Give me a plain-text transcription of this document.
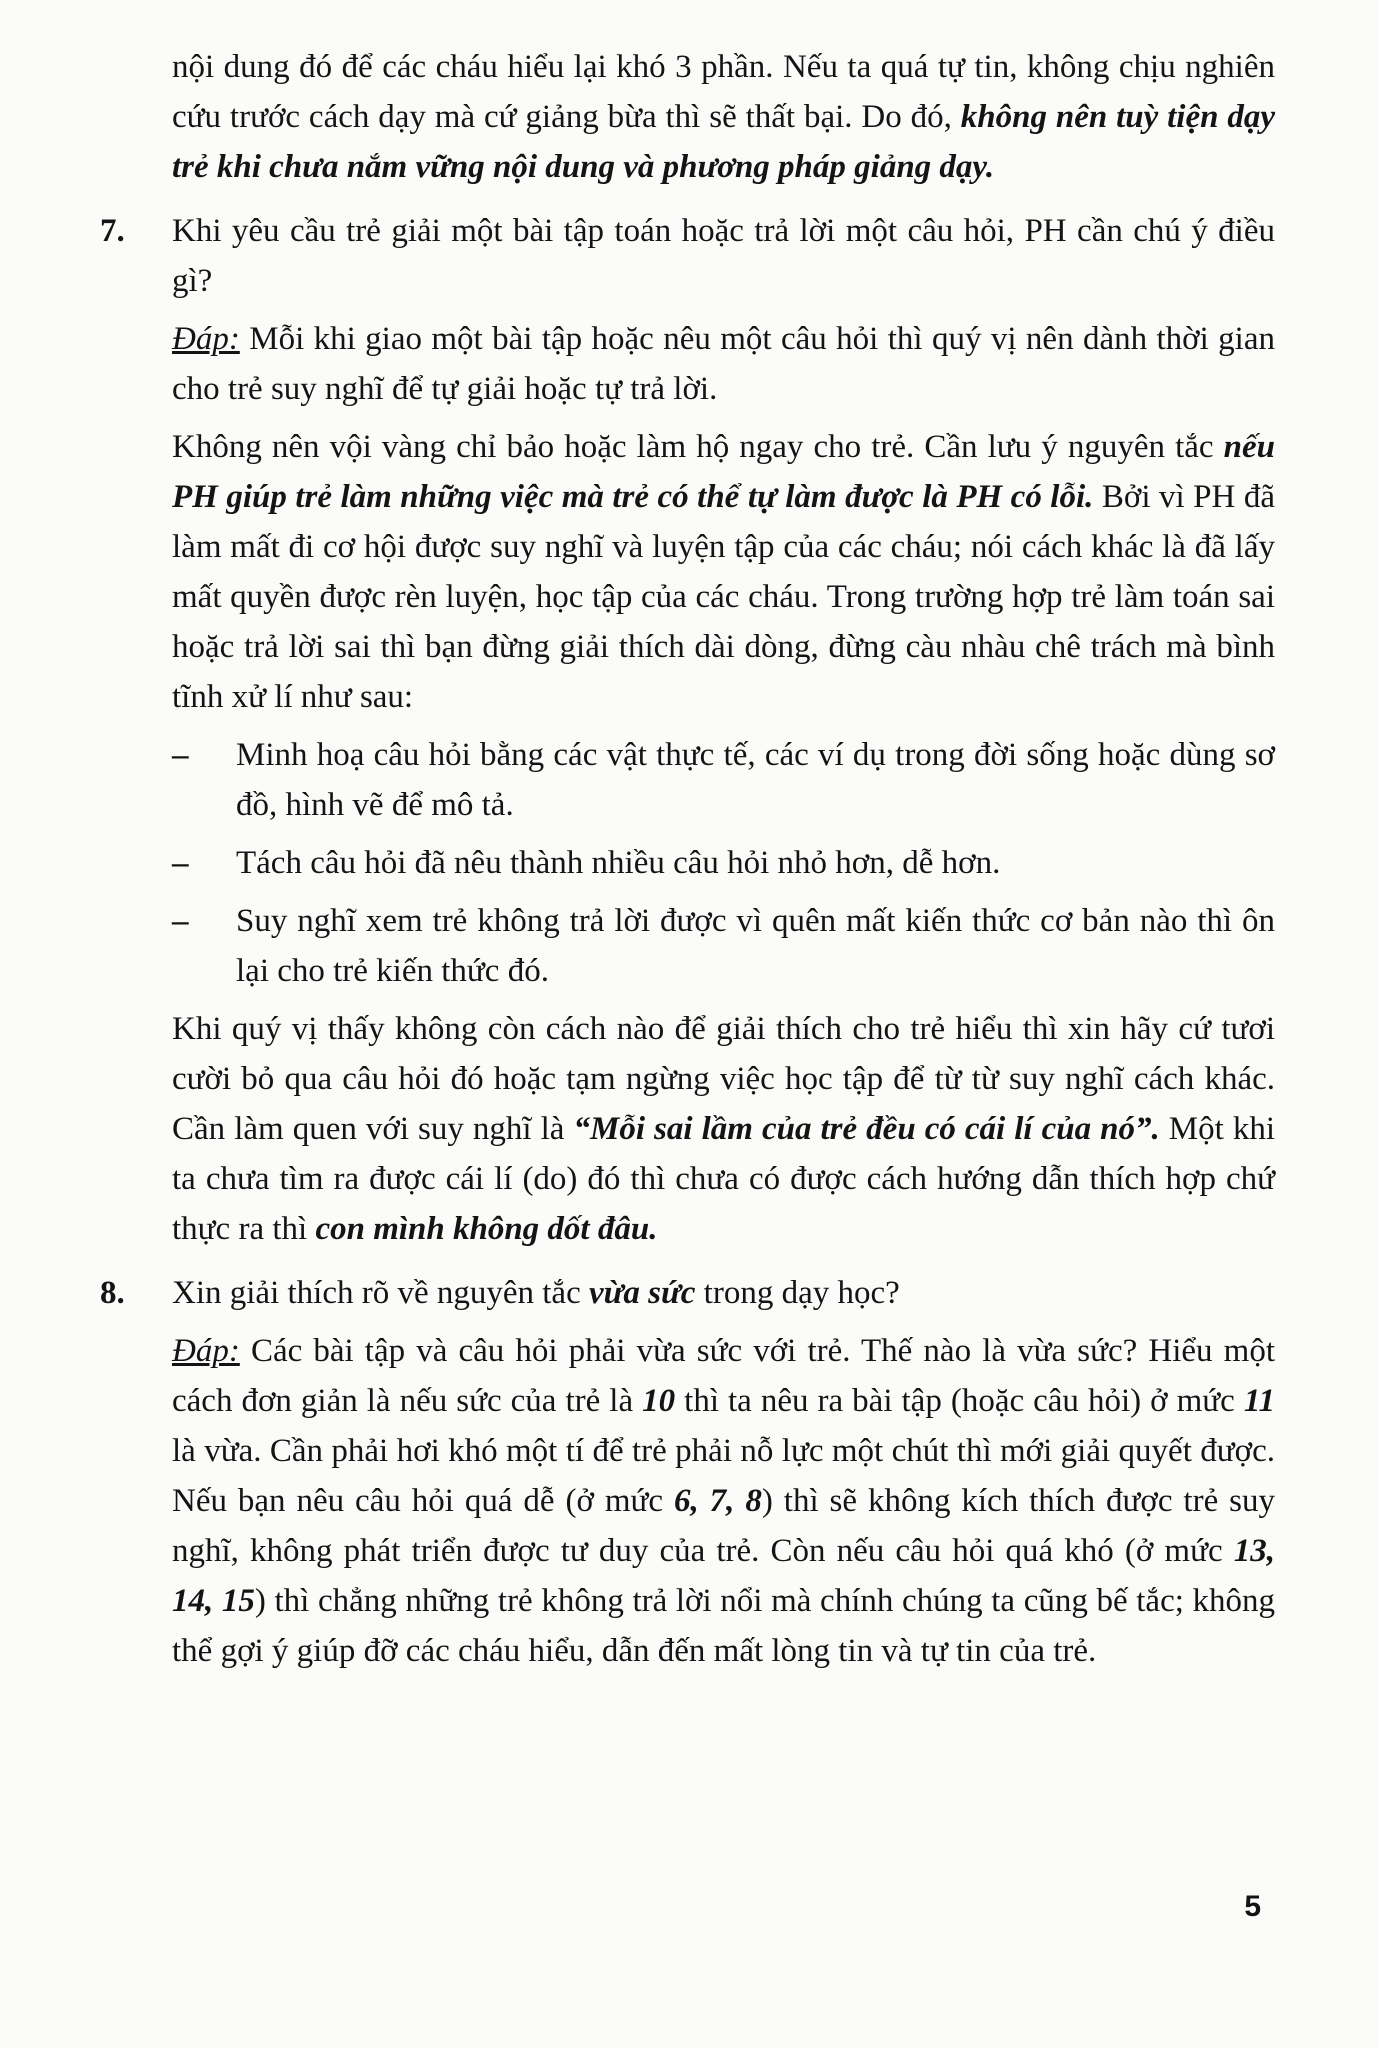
nội dung đó để các cháu hiểu lại khó 3 phần. Nếu ta quá tự tin, không chịu nghiên cứu trước cách dạy mà cứ giảng bừa thì sẽ thất bại. Do đó, không nên tuỳ tiện dạy trẻ khi chưa nắm vững nội dung và phương pháp giảng dạy.

7. Khi yêu cầu trẻ giải một bài tập toán hoặc trả lời một câu hỏi, PH cần chú ý điều gì?

Đáp: Mỗi khi giao một bài tập hoặc nêu một câu hỏi thì quý vị nên dành thời gian cho trẻ suy nghĩ để tự giải hoặc tự trả lời.

Không nên vội vàng chỉ bảo hoặc làm hộ ngay cho trẻ. Cần lưu ý nguyên tắc nếu PH giúp trẻ làm những việc mà trẻ có thể tự làm được là PH có lỗi. Bởi vì PH đã làm mất đi cơ hội được suy nghĩ và luyện tập của các cháu; nói cách khác là đã lấy mất quyền được rèn luyện, học tập của các cháu. Trong trường hợp trẻ làm toán sai hoặc trả lời sai thì bạn đừng giải thích dài dòng, đừng càu nhàu chê trách mà bình tĩnh xử lí như sau:

– Minh hoạ câu hỏi bằng các vật thực tế, các ví dụ trong đời sống hoặc dùng sơ đồ, hình vẽ để mô tả.

– Tách câu hỏi đã nêu thành nhiều câu hỏi nhỏ hơn, dễ hơn.

– Suy nghĩ xem trẻ không trả lời được vì quên mất kiến thức cơ bản nào thì ôn lại cho trẻ kiến thức đó.

Khi quý vị thấy không còn cách nào để giải thích cho trẻ hiểu thì xin hãy cứ tươi cười bỏ qua câu hỏi đó hoặc tạm ngừng việc học tập để từ từ suy nghĩ cách khác. Cần làm quen với suy nghĩ là “Mỗi sai lầm của trẻ đều có cái lí của nó”. Một khi ta chưa tìm ra được cái lí (do) đó thì chưa có được cách hướng dẫn thích hợp chứ thực ra thì con mình không dốt đâu.

8. Xin giải thích rõ về nguyên tắc vừa sức trong dạy học?

Đáp: Các bài tập và câu hỏi phải vừa sức với trẻ. Thế nào là vừa sức? Hiểu một cách đơn giản là nếu sức của trẻ là 10 thì ta nêu ra bài tập (hoặc câu hỏi) ở mức 11 là vừa. Cần phải hơi khó một tí để trẻ phải nỗ lực một chút thì mới giải quyết được. Nếu bạn nêu câu hỏi quá dễ (ở mức 6, 7, 8) thì sẽ không kích thích được trẻ suy nghĩ, không phát triển được tư duy của trẻ. Còn nếu câu hỏi quá khó (ở mức 13, 14, 15) thì chẳng những trẻ không trả lời nổi mà chính chúng ta cũng bế tắc; không thể gợi ý giúp đỡ các cháu hiểu, dẫn đến mất lòng tin và tự tin của trẻ.

5
